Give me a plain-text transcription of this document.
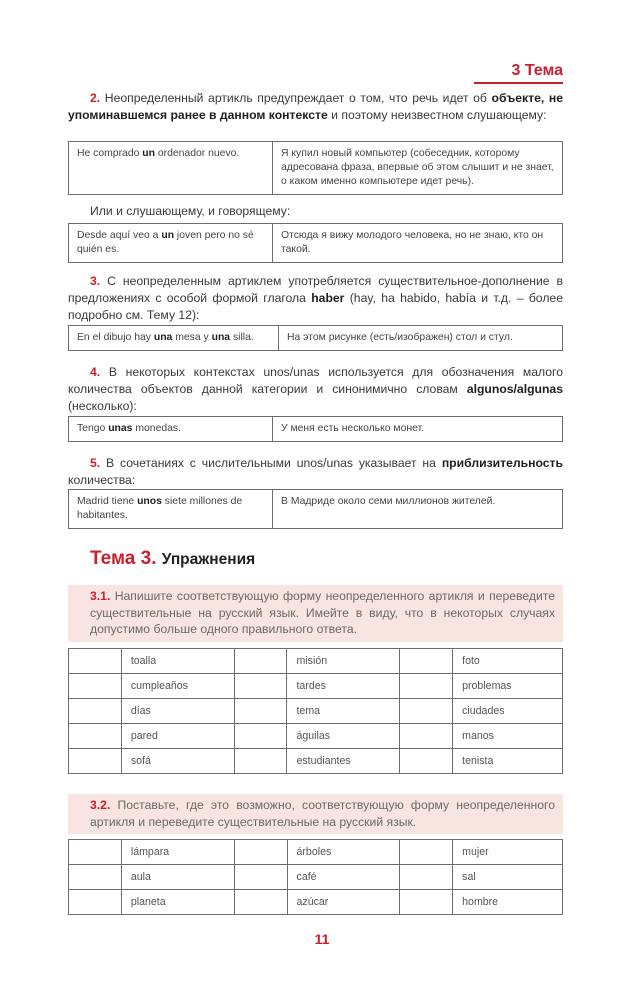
3 Тема
2. Неопределенный артикль предупреждает о том, что речь идет об объекте, не упоминавшемся ранее в данном контексте и поэтому неизвестном слушающему:
He comprado un ordenador nuevo.	Я купил новый компьютер (собеседник, которому адресована фраза, впервые об этом слышит и не знает, о каком именно компьютере идет речь).
Или и слушающему, и говорящему:
Desde aquí veo a un joven pero no sé quién es.	Отсюда я вижу молодого человека, но не знаю, кто он такой.
3. С неопределенным артиклем употребляется существительное-дополнение в предложениях с особой формой глагола haber (hay, ha habido, había и т.д. – более подробно см. Тему 12):
En el dibujo hay una mesa y una silla.	На этом рисунке (есть/изображен) стол и стул.
4. В некоторых контекстах unos/unas используется для обозначения малого количества объектов данной категории и синонимично словам algunos/algunas (несколько):
Tengo unas monedas.	У меня есть несколько монет.
5. В сочетаниях с числительными unos/unas указывает на приблизительность количества:
Madrid tiene unos siete millones de habitantes.	В Мадриде около семи миллионов жителей.
Тема 3. Упражнения
3.1. Напишите соответствующую форму неопределенного артикля и переведите существительные на русский язык. Имейте в виду, что в некоторых случаях допустимо больше одного правильного ответа.
	toalla		misión		foto
	cumpleaños		tardes		problemas
	días		tema		ciudades
	pared		águilas		manos
	sofá		estudiantes		tenista
3.2. Поставьте, где это возможно, соответствующую форму неопределенного артикля и переведите существительные на русский язык.
	lámpara		árboles		mujer
	aula		café		sal
	planeta		azúcar		hombre
11
